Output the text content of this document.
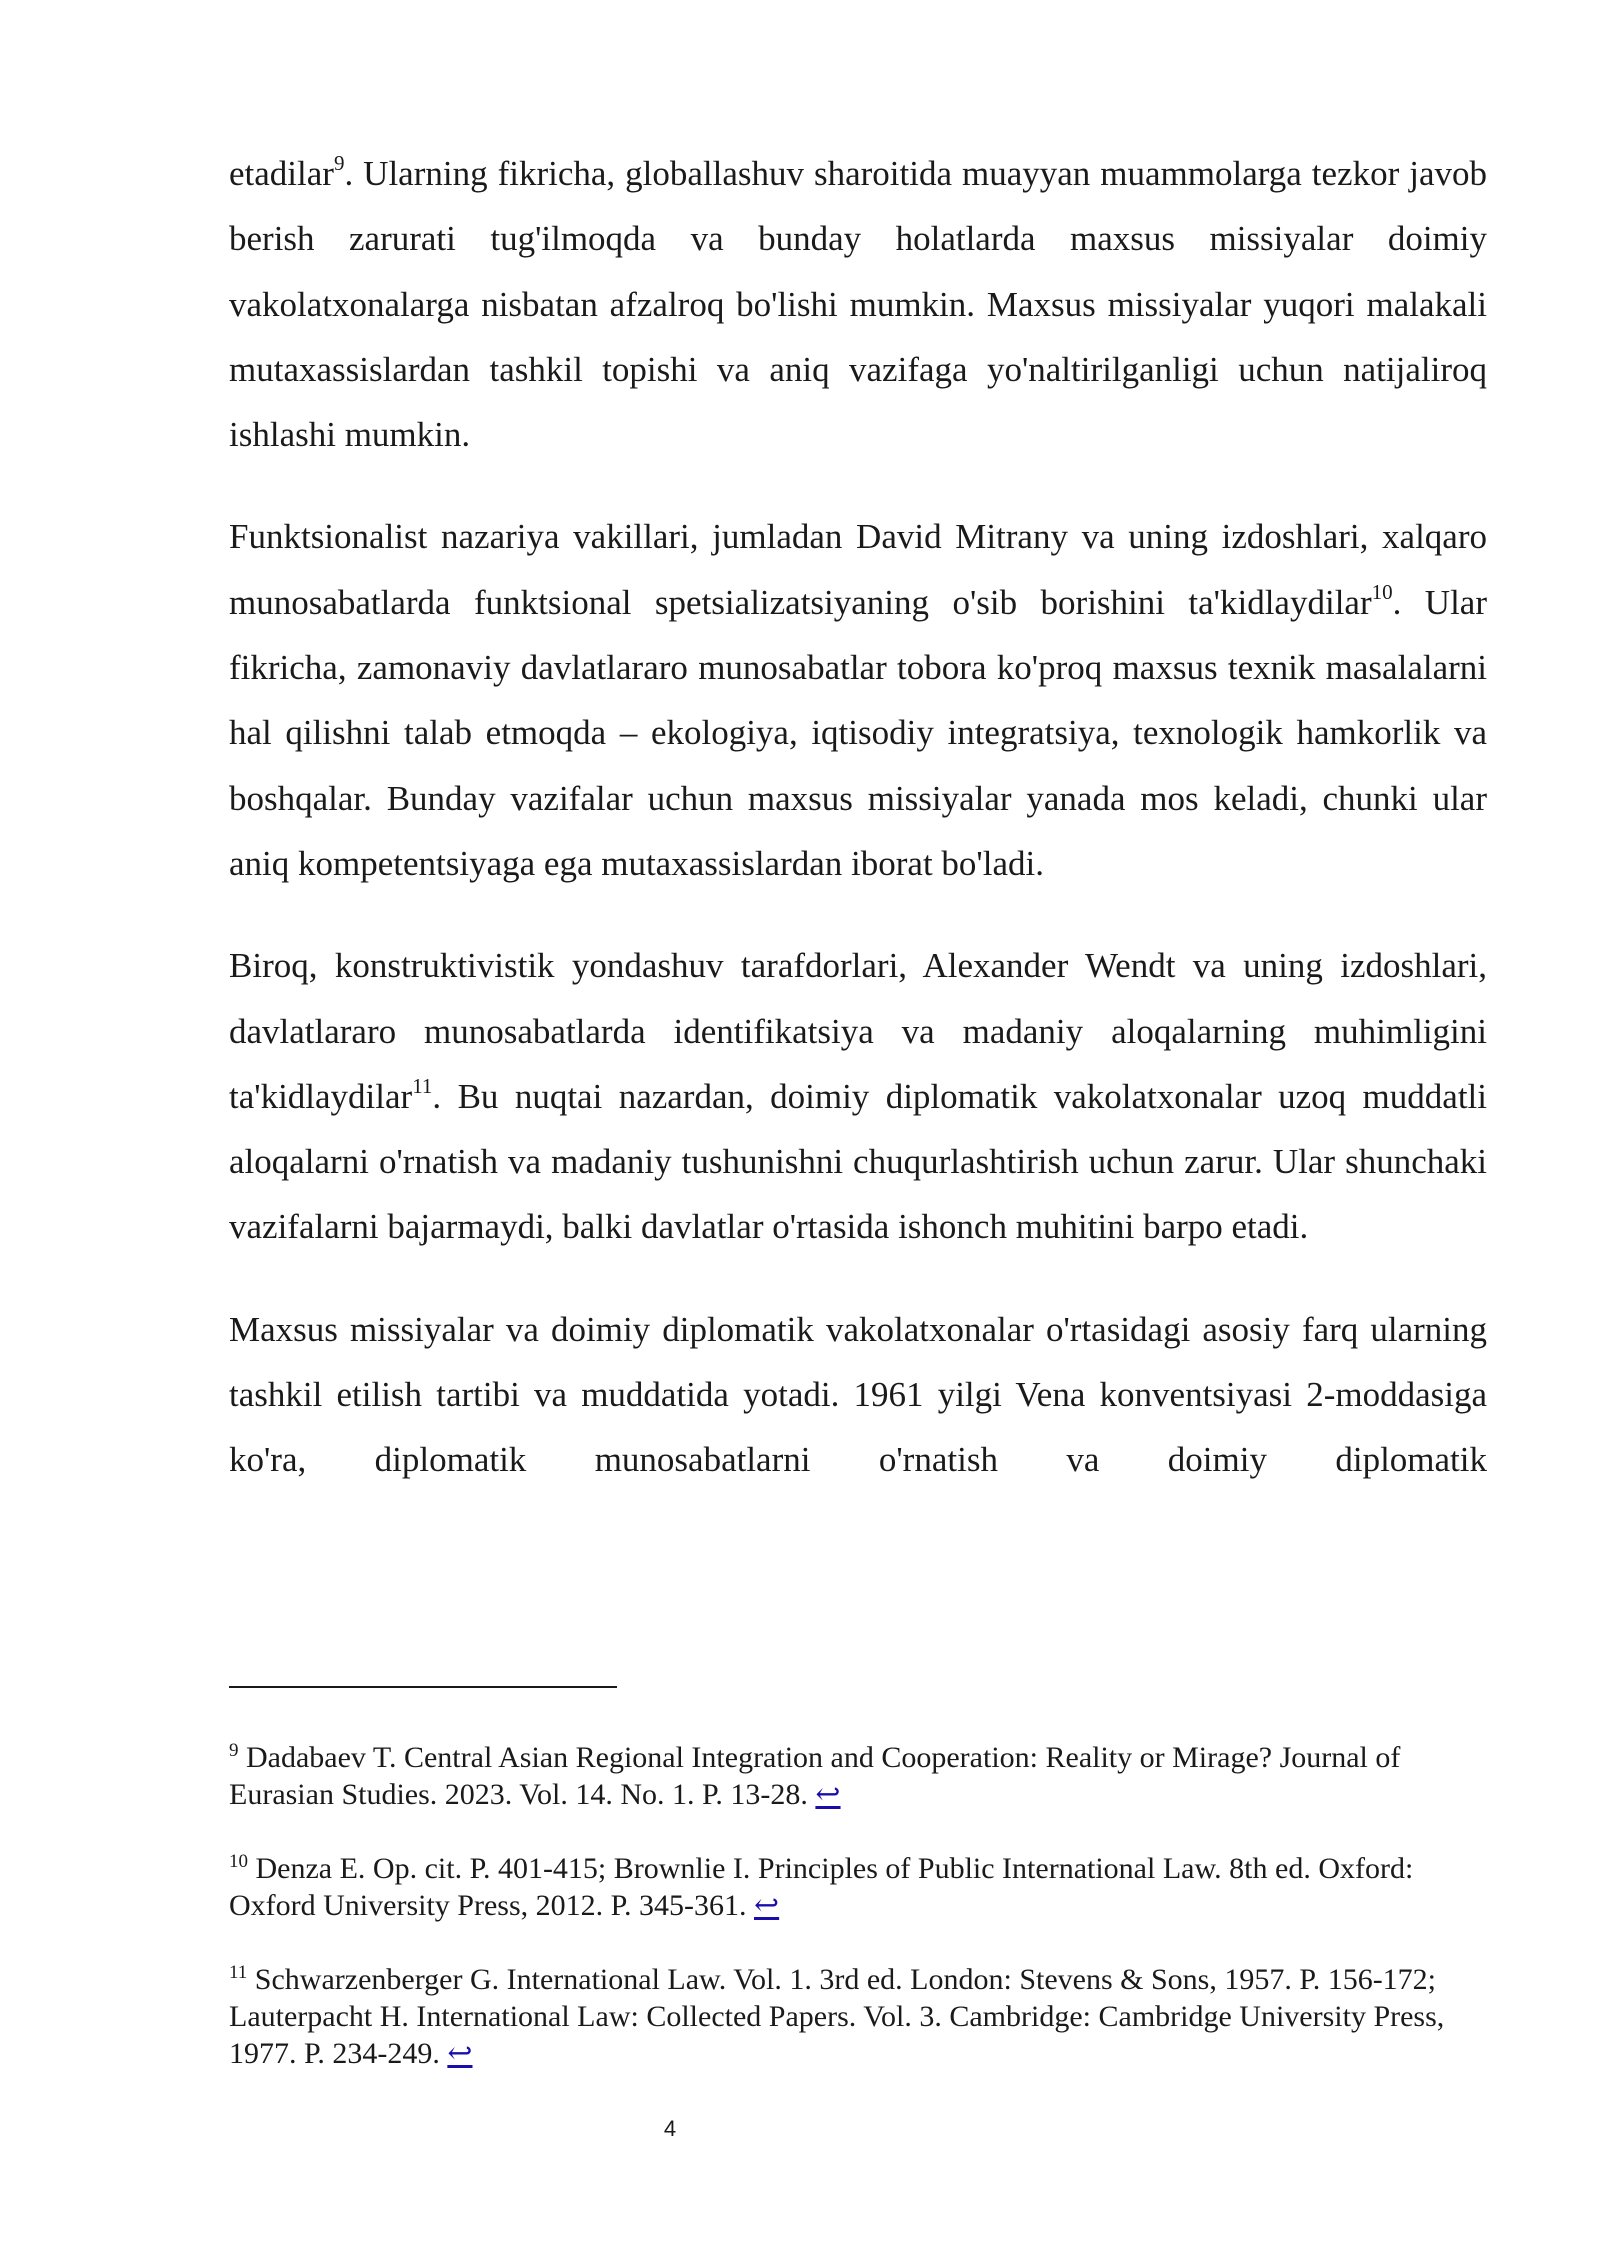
etadilar$^9$. Ularning fikricha, globallashuv sharoitida muayyan muammolarga tezkor javob berish zarurati tug'ilmoqda va bunday holatlarda maxsus missiyalar doimiy vakolatxonalarga nisbatan afzalroq bo'lishi mumkin. Maxsus missiyalar yuqori malakali mutaxassislardan tashkil topishi va aniq vazifaga yo'naltirilganligi uchun natijaliroq ishlashi mumkin.

Funktsionalist nazariya vakillari, jumladan David Mitrany va uning izdoshlari, xalqaro munosabatlarda funktsional spetsializatsiyaning o'sib borishini ta'kidlaydilar$^{10}$. Ular fikricha, zamonaviy davlatlararo munosabatlar tobora ko'proq maxsus texnik masalalarni hal qilishni talab etmoqda – ekologiya, iqtisodiy integratsiya, texnologik hamkorlik va boshqalar. Bunday vazifalar uchun maxsus missiyalar yanada mos keladi, chunki ular aniq kompetentsiyaga ega mutaxassislardan iborat bo'ladi.

Biroq, konstruktivistik yondashuv tarafdorlari, Alexander Wendt va uning izdoshlari, davlatlararo munosabatlarda identifikatsiya va madaniy aloqalarning muhimligini ta'kidlaydilar$^{11}$. Bu nuqtai nazardan, doimiy diplomatik vakolatxonalar uzoq muddatli aloqalarni o'rnatish va madaniy tushunishni chuqurlashtirish uchun zarur. Ular shunchaki vazifalarni bajarmaydi, balki davlatlar o'rtasida ishonch muhitini barpo etadi.

Maxsus missiyalar va doimiy diplomatik vakolatxonalar o'rtasidagi asosiy farq ularning tashkil etilish tartibi va muddatida yotadi. 1961 yilgi Vena konventsiyasi 2-moddasiga ko'ra, diplomatik munosabatlarni o'rnatish va doimiy diplomatik

$^9$ Dadabaev T. Central Asian Regional Integration and Cooperation: Reality or Mirage? Journal of Eurasian Studies. 2023. Vol. 14. No. 1. P. 13-28. ↩

$^{10}$ Denza E. Op. cit. P. 401-415; Brownlie I. Principles of Public International Law. 8th ed. Oxford: Oxford University Press, 2012. P. 345-361. ↩

$^{11}$ Schwarzenberger G. International Law. Vol. 1. 3rd ed. London: Stevens & Sons, 1957. P. 156-172; Lauterpacht H. International Law: Collected Papers. Vol. 3. Cambridge: Cambridge University Press, 1977. P. 234-249. ↩

4
